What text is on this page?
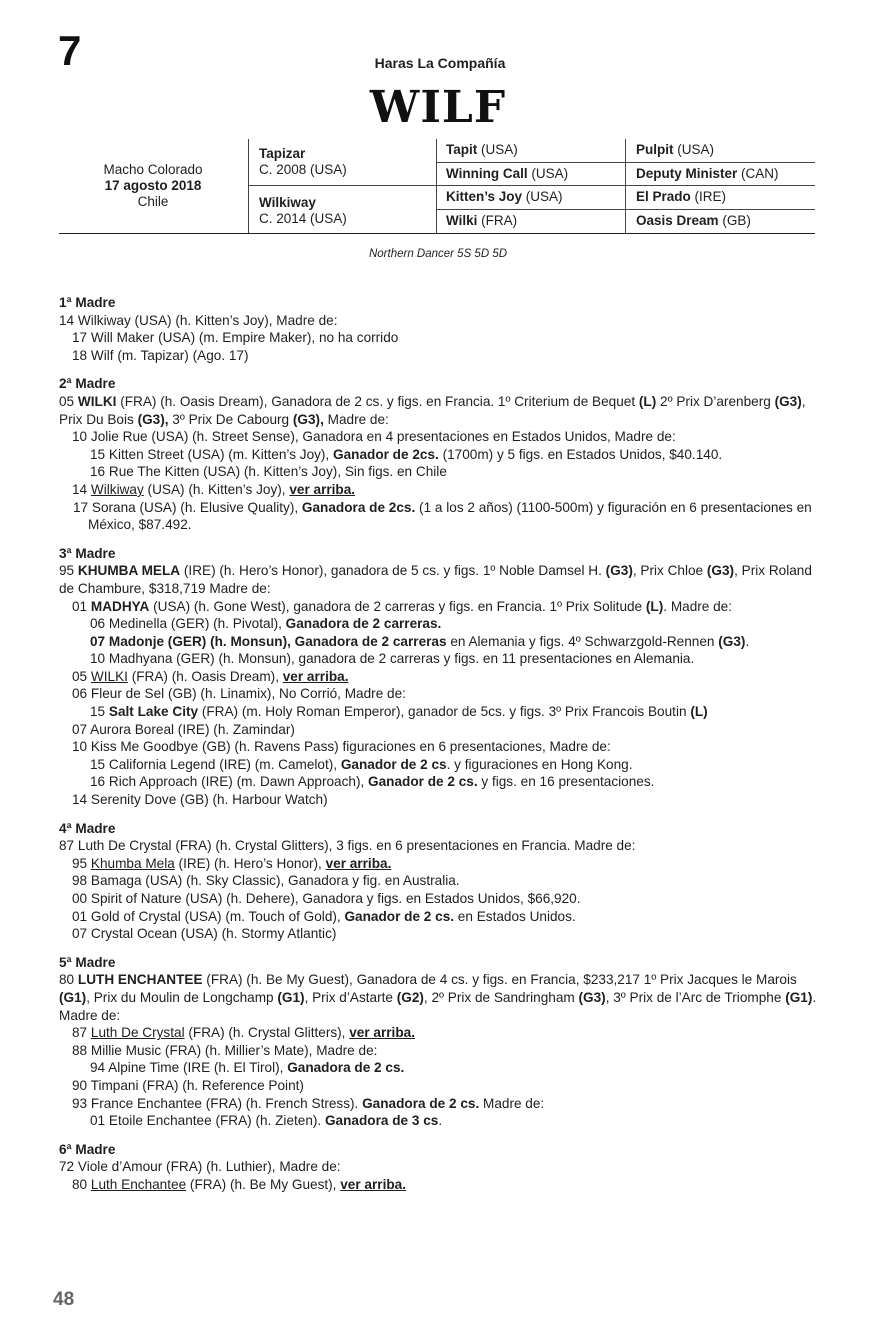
7	Haras La Compañía
WILF
Macho Colorado
17 agosto 2018
Chile
Tapizar
C. 2008 (USA)
Wilkiway
C. 2014 (USA)
Tapit (USA)
Winning Call (USA)
Kitten’s Joy (USA)
Wilki (FRA)
Pulpit (USA)
Deputy Minister (CAN)
El Prado (IRE)
Oasis Dream (GB)
Northern Dancer 5S 5D 5D

1ª Madre

14 Wilkiway (USA) (h. Kitten’s Joy), Madre de:

17 Will Maker (USA) (m. Empire Maker), no ha corrido

18 Wilf (m. Tapizar) (Ago. 17)

2ª Madre

05 WILKI (FRA) (h. Oasis Dream), Ganadora de 2 cs. y figs. en Francia. 1º Criterium de Bequet (L) 2º Prix D’arenberg (G3), Prix Du Bois (G3), 3º Prix De Cabourg (G3), Madre de:

10 Jolie Rue (USA) (h. Street Sense), Ganadora en 4 presentaciones en Estados Unidos, Madre de:

15 Kitten Street (USA) (m. Kitten’s Joy), Ganador de 2cs. (1700m) y 5 figs. en Estados Unidos, $40.140.

16 Rue The Kitten (USA) (h. Kitten’s Joy), Sin figs. en Chile

14 Wilkiway (USA) (h. Kitten’s Joy), ver arriba.

17 Sorana (USA) (h. Elusive Quality), Ganadora de 2cs. (1 a los 2 años) (1100-500m) y figuración en 6 presentaciones en México, $87.492.

3ª Madre

95 KHUMBA MELA (IRE) (h. Hero’s Honor), ganadora de 5 cs. y figs. 1º Noble Damsel H. (G3), Prix Chloe (G3), Prix Roland de Chambure, $318,719 Madre de:

01 MADHYA (USA) (h. Gone West), ganadora de 2 carreras y figs. en Francia. 1º Prix Solitude (L). Madre de:

06 Medinella (GER) (h. Pivotal), Ganadora de 2 carreras.

07 Madonje (GER) (h. Monsun), Ganadora de 2 carreras en Alemania y figs. 4º Schwarzgold-Rennen (G3).

10 Madhyana (GER) (h. Monsun), ganadora de 2 carreras y figs. en 11 presentaciones en Alemania.

05 WILKI (FRA) (h. Oasis Dream), ver arriba.

06 Fleur de Sel (GB) (h. Linamix), No Corrió, Madre de:

15 Salt Lake City (FRA) (m. Holy Roman Emperor), ganador de 5cs. y figs. 3º Prix Francois Boutin (L)

07 Aurora Boreal (IRE) (h. Zamindar)

10 Kiss Me Goodbye (GB) (h. Ravens Pass) figuraciones en 6 presentaciones, Madre de:

15 California Legend (IRE) (m. Camelot), Ganador de 2 cs. y figuraciones en Hong Kong.

16 Rich Approach (IRE) (m. Dawn Approach), Ganador de 2 cs. y figs. en 16 presentaciones.

14 Serenity Dove (GB) (h. Harbour Watch)

4ª Madre

87 Luth De Crystal (FRA) (h. Crystal Glitters), 3 figs. en 6 presentaciones en Francia. Madre de:

95 Khumba Mela (IRE) (h. Hero’s Honor), ver arriba.

98 Bamaga (USA) (h. Sky Classic), Ganadora y fig. en Australia.

00 Spirit of Nature (USA) (h. Dehere), Ganadora y figs. en Estados Unidos, $66,920.

01 Gold of Crystal (USA) (m. Touch of Gold), Ganador de 2 cs. en Estados Unidos.

07 Crystal Ocean (USA) (h. Stormy Atlantic)

5ª Madre

80 LUTH ENCHANTEE (FRA) (h. Be My Guest), Ganadora de 4 cs. y figs. en Francia, $233,217 1º Prix Jacques le Marois (G1), Prix du Moulin de Longchamp (G1), Prix d’Astarte (G2), 2º Prix de Sandringham (G3), 3º Prix de l’Arc de Triomphe (G1). Madre de:

87 Luth De Crystal (FRA) (h. Crystal Glitters), ver arriba.

88 Millie Music (FRA) (h. Millier’s Mate), Madre de:

94 Alpine Time (IRE (h. El Tirol), Ganadora de 2 cs.

90 Timpani (FRA) (h. Reference Point)

93 France Enchantee (FRA) (h. French Stress). Ganadora de 2 cs. Madre de:

01 Etoile Enchantee (FRA) (h. Zieten). Ganadora de 3 cs.

6ª Madre

72 Viole d’Amour (FRA) (h. Luthier), Madre de:

80 Luth Enchantee (FRA) (h. Be My Guest), ver arriba.

48
